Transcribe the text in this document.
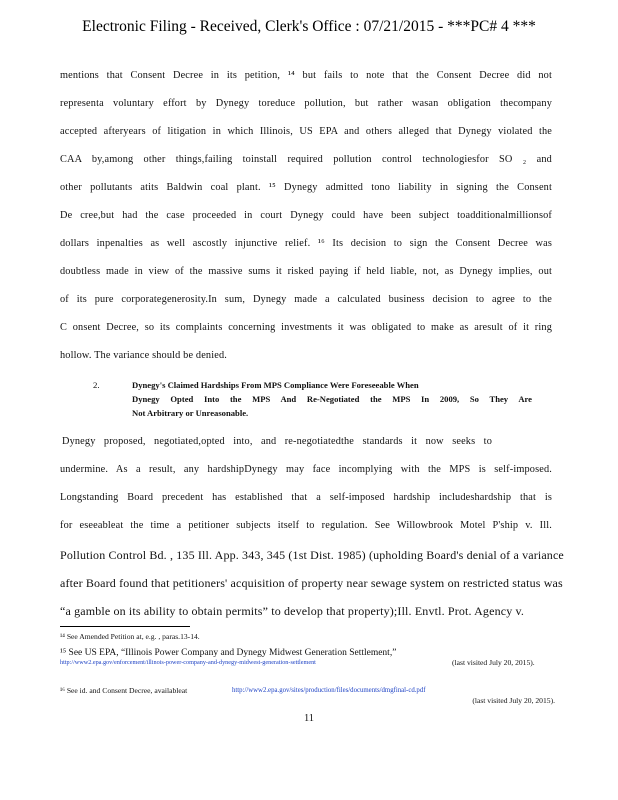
Electronic Filing - Received, Clerk's Office : 07/21/2015 - ***PC# 4 ***
mentions that Consent Decree in its petition, ¹⁴ but fails to note that the Consent Decree did not
representa voluntary effort by Dynegy toreduce pollution, but rather wasan obligation thecompany
accepted afteryears of litigation in which Illinois, US EPA and others alleged that Dynegy violated the
CAA by,among other things,failing toinstall required pollution control technologiesfor SO ₂ and
other pollutants atits Baldwin coal plant. ¹⁵ Dynegy admitted tono liability in signing the Consent
De cree,but had the case proceeded in court Dynegy could have been subject toadditionalmillionsof
dollars inpenalties as well ascostly injunctive relief. ¹⁶ Its decision to sign the Consent Decree was
doubtless made in view of the massive sums it risked paying if held liable, not, as Dynegy implies, out
of its pure corporategenerosity.In sum, Dynegy made a calculated business decision to agree to the
C onsent Decree, so its complaints concerning investments it was obligated to make as aresult of it ring
hollow. The variance should be denied.
2.	Dynegy's Claimed Hardships From MPS Compliance Were Foreseeable When
Dynegy Opted Into the MPS And Re-Negotiated the MPS In 2009, So They Are
Not Arbitrary or Unreasonable.
Dynegy proposed, negotiated,opted into, and re-negotiatedthe standards it now seeks to
undermine. As a result, any hardshipDynegy may face incomplying with the MPS is self-imposed.
Longstanding Board precedent has established that a self-imposed hardship includeshardship that is
for eseeableat the time a petitioner subjects itself to regulation. See Willowbrook Motel P'ship v. Ill.
Pollution Control Bd. , 135 Ill. App. 343, 345 (1st Dist. 1985) (upholding Board's denial of a variance
after Board found that petitioners' acquisition of property near sewage system on restricted status was
“a gamble on its ability to obtain permits” to develop that property);Ill. Envtl. Prot. Agency v.
¹⁴ See Amended Petition at, e.g. , paras.13-14.
¹⁵ See US EPA, “Illinois Power Company and Dynegy Midwest Generation Settlement,”
http://www2.epa.gov/enforcement/illinois-power-company-and-dynegy-midwest-generation-settlement	(last visited July 20, 2015).
¹⁶ See id. and Consent Decree, availableat	http://www2.epa.gov/sites/production/files/documents/dmgfinal-cd.pdf
(last visited July 20, 2015).
11
